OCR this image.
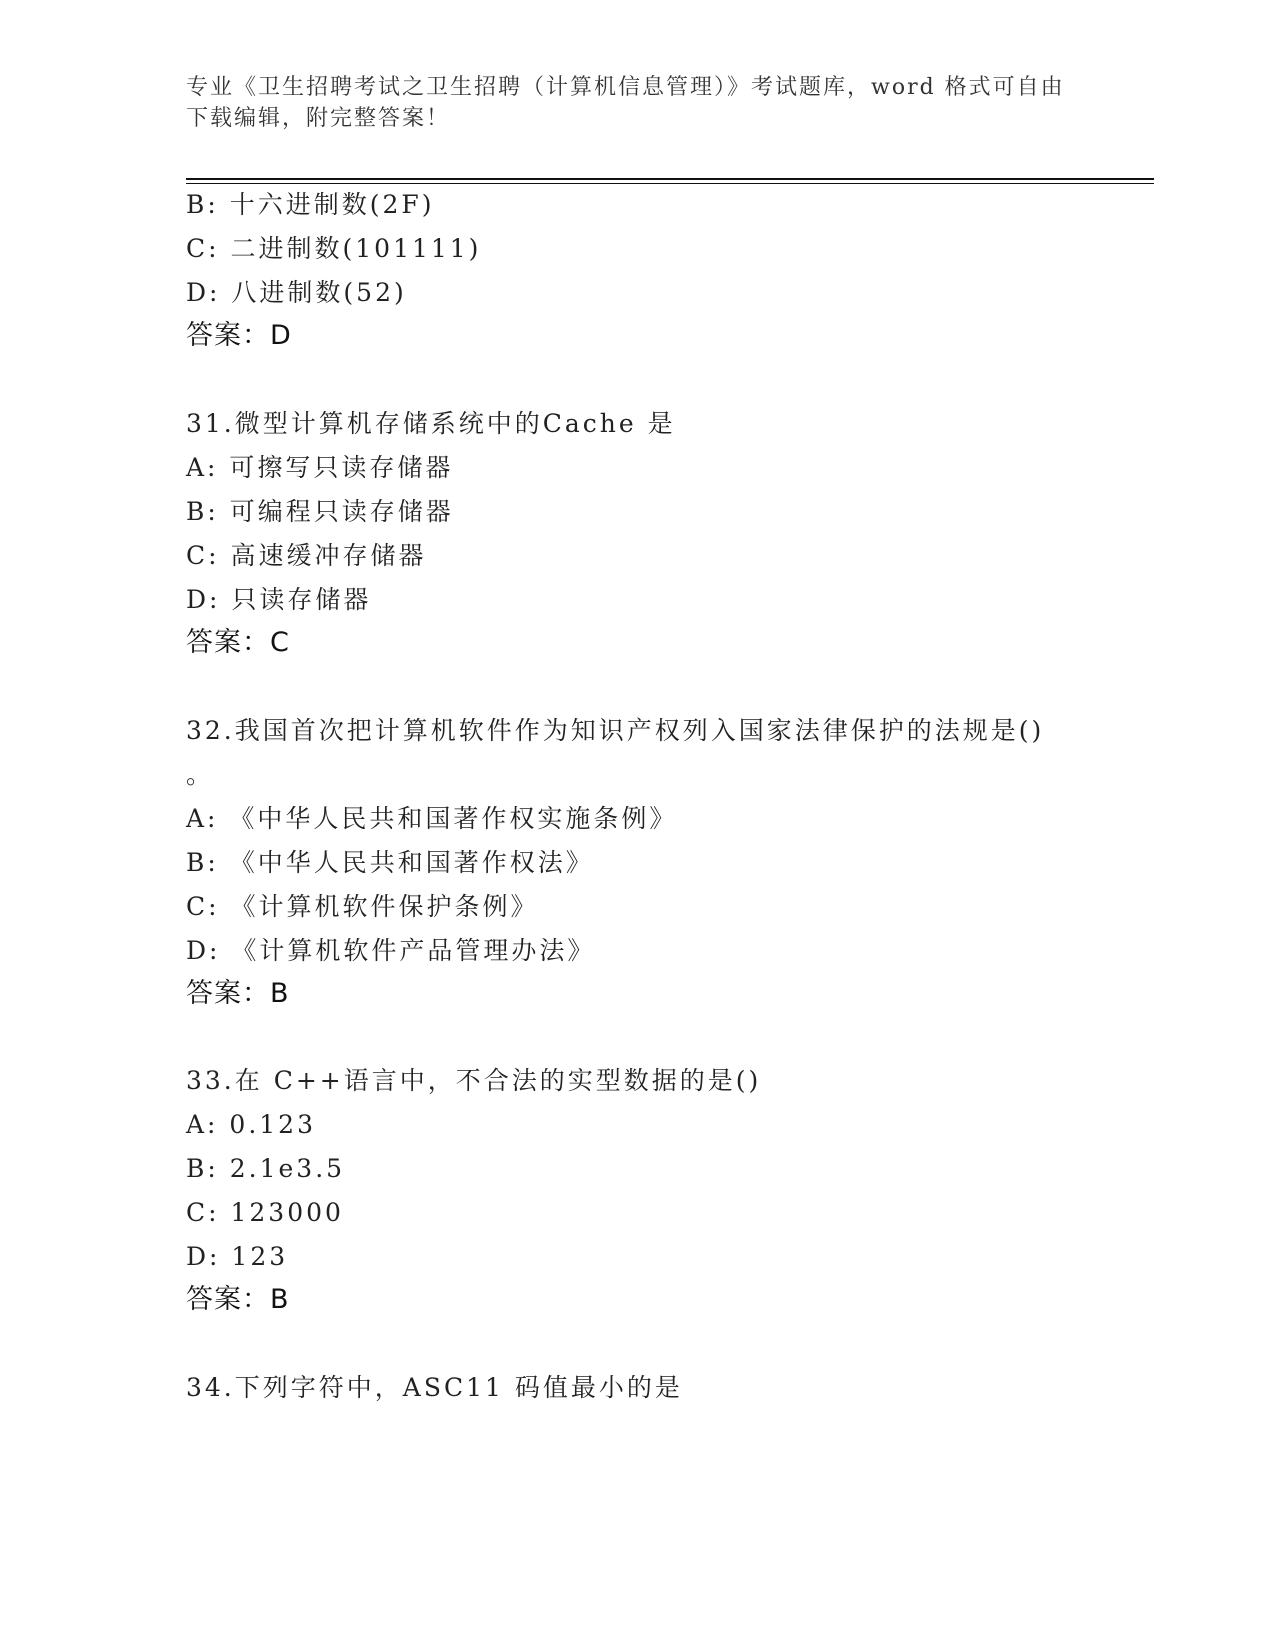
专业《卫生招聘考试之卫生招聘（计算机信息管理）》考试题库，word 格式可自由下载编辑，附完整答案！
B: 十六进制数(2F)
C: 二进制数(101111)
D: 八进制数(52)
答案：D
31.微型计算机存储系统中的Cache 是
A: 可擦写只读存储器
B: 可编程只读存储器
C: 高速缓冲存储器
D: 只读存储器
答案：C
32.我国首次把计算机软件作为知识产权列入国家法律保护的法规是()
。
A: 《中华人民共和国著作权实施条例》
B: 《中华人民共和国著作权法》
C: 《计算机软件保护条例》
D: 《计算机软件产品管理办法》
答案：B
33.在 C++语言中，不合法的实型数据的是()
A: 0.123
B: 2.1e3.5
C: 123000
D: 123
答案：B
34.下列字符中，ASC11 码值最小的是
